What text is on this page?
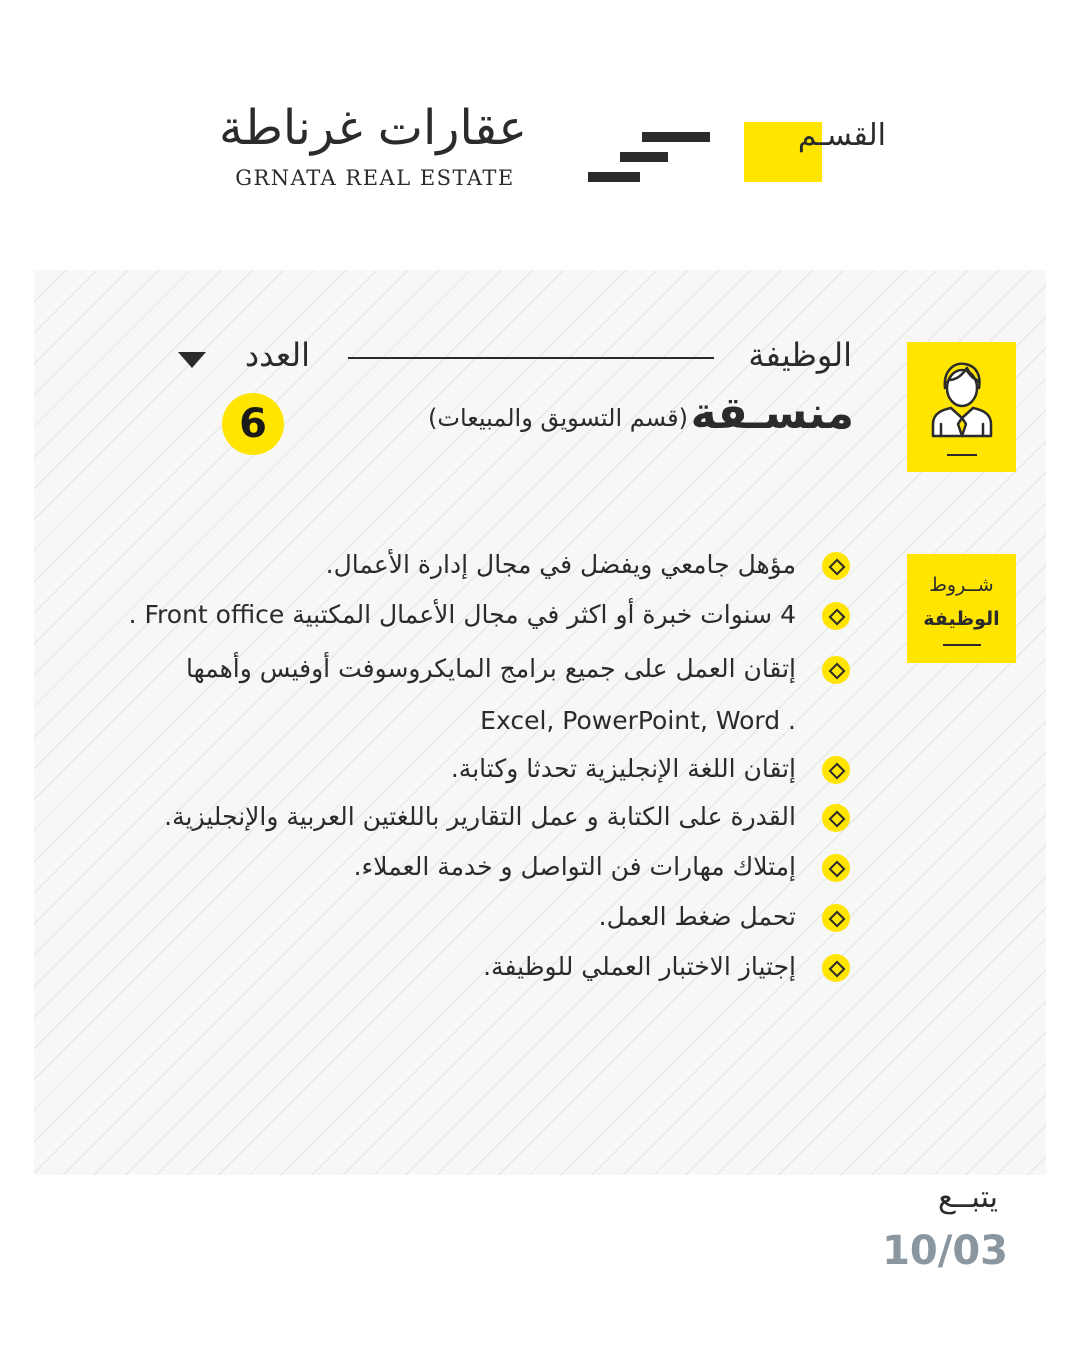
عقارات غرناطة
GRNATA REAL ESTATE
القسـم
شــروط
الوظيفة
الوظيفة
العدد
منسـقة
(قسم التسويق والمبيعات)
6
مؤهل جامعي ويفضل في مجال إدارة الأعمال.
4 سنوات خبرة أو اكثر في مجال الأعمال المكتبية Front office .
إتقان العمل على جميع برامج المايكروسوفت أوفيس وأهمها
Excel, PowerPoint, Word .
إتقان اللغة الإنجليزية تحدثا وكتابة.
القدرة على الكتابة و عمل التقارير باللغتين العربية والإنجليزية.
إمتلاك مهارات فن التواصل و خدمة العملاء.
تحمل ضغط العمل.
إجتياز الاختبار العملي للوظيفة.
يتبــع
10/03
